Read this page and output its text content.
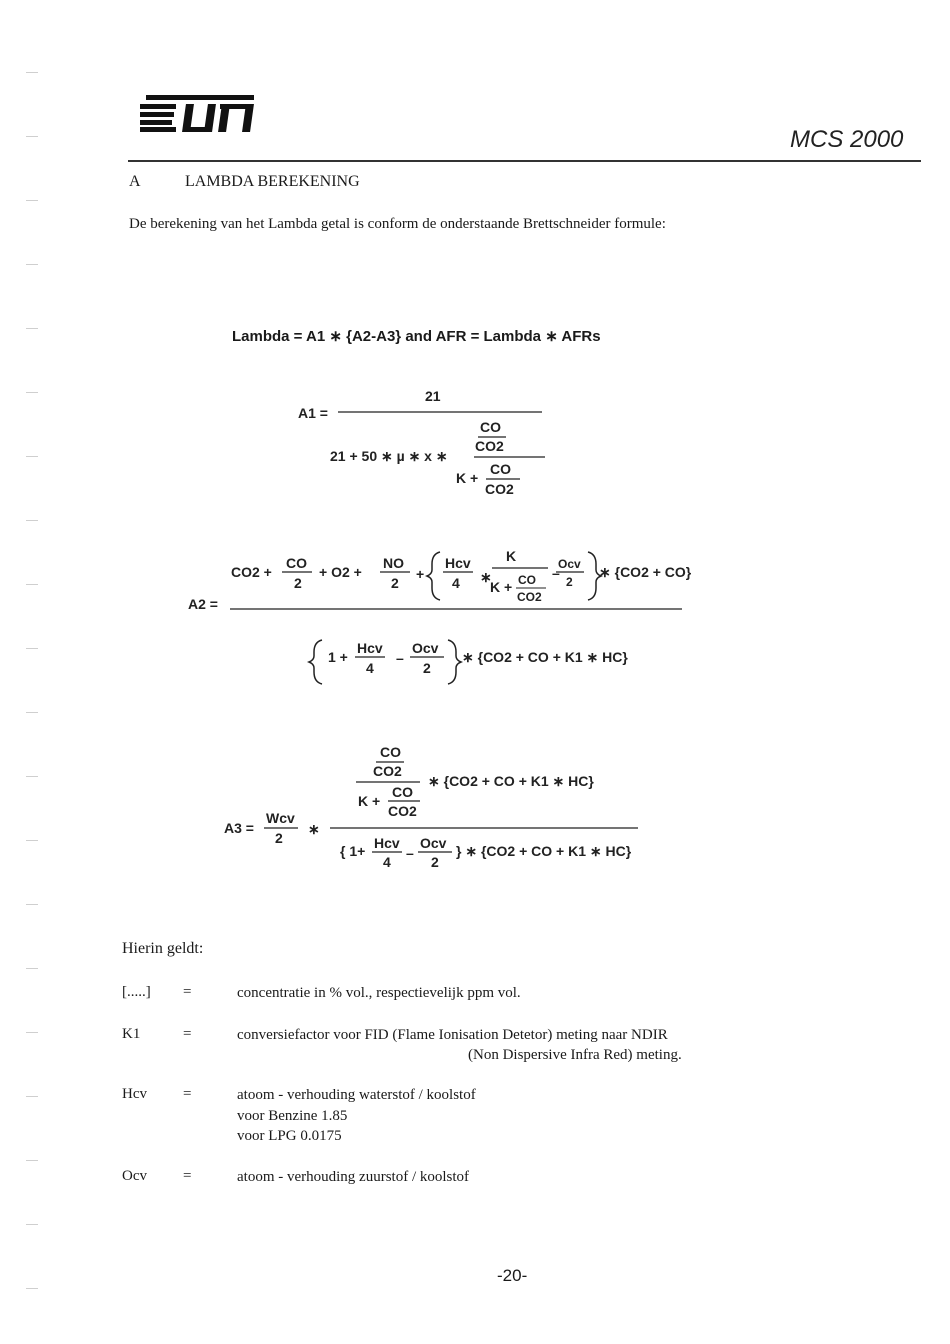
MCS 2000
A	LAMBDA BEREKENING
De berekening van het Lambda getal is conform de onderstaande Brettschneider formule:
Lambda = A1 ∗ {A2-A3} and AFR = Lambda ∗ AFRs
A1 =
21
21 + 50 ∗ µ ∗ x ∗
CO
CO2
K +
CO
CO2
A2 =
CO2 +
CO
2
+ O2 +
NO
2
+
Hcv
4 ∗
K
K + CO
CO2
–
Ocv
2
∗ {CO2 + CO}
1 +
Hcv
4
–
Ocv
2
∗ {CO2 + CO + K1 ∗ HC}
CO
CO2
∗ {CO2 + CO + K1 ∗ HC}
K +
CO
CO2
A3 =
Wcv
2
∗
{ 1+ Hcv
4
–
Ocv
2
} ∗ {CO2 + CO + K1 ∗ HC}
Hierin geldt:
[.....] =	concentratie in % vol., respectievelijk ppm vol.
K1	=	conversiefactor voor FID (Flame Ionisation Detetor) meting naar NDIR
(Non Dispersive Infra Red) meting.
Hcv =	atoom - verhouding waterstof / koolstof
voor Benzine 1.85
voor LPG 0.0175
Ocv =	atoom - verhouding zuurstof / koolstof
-20-
